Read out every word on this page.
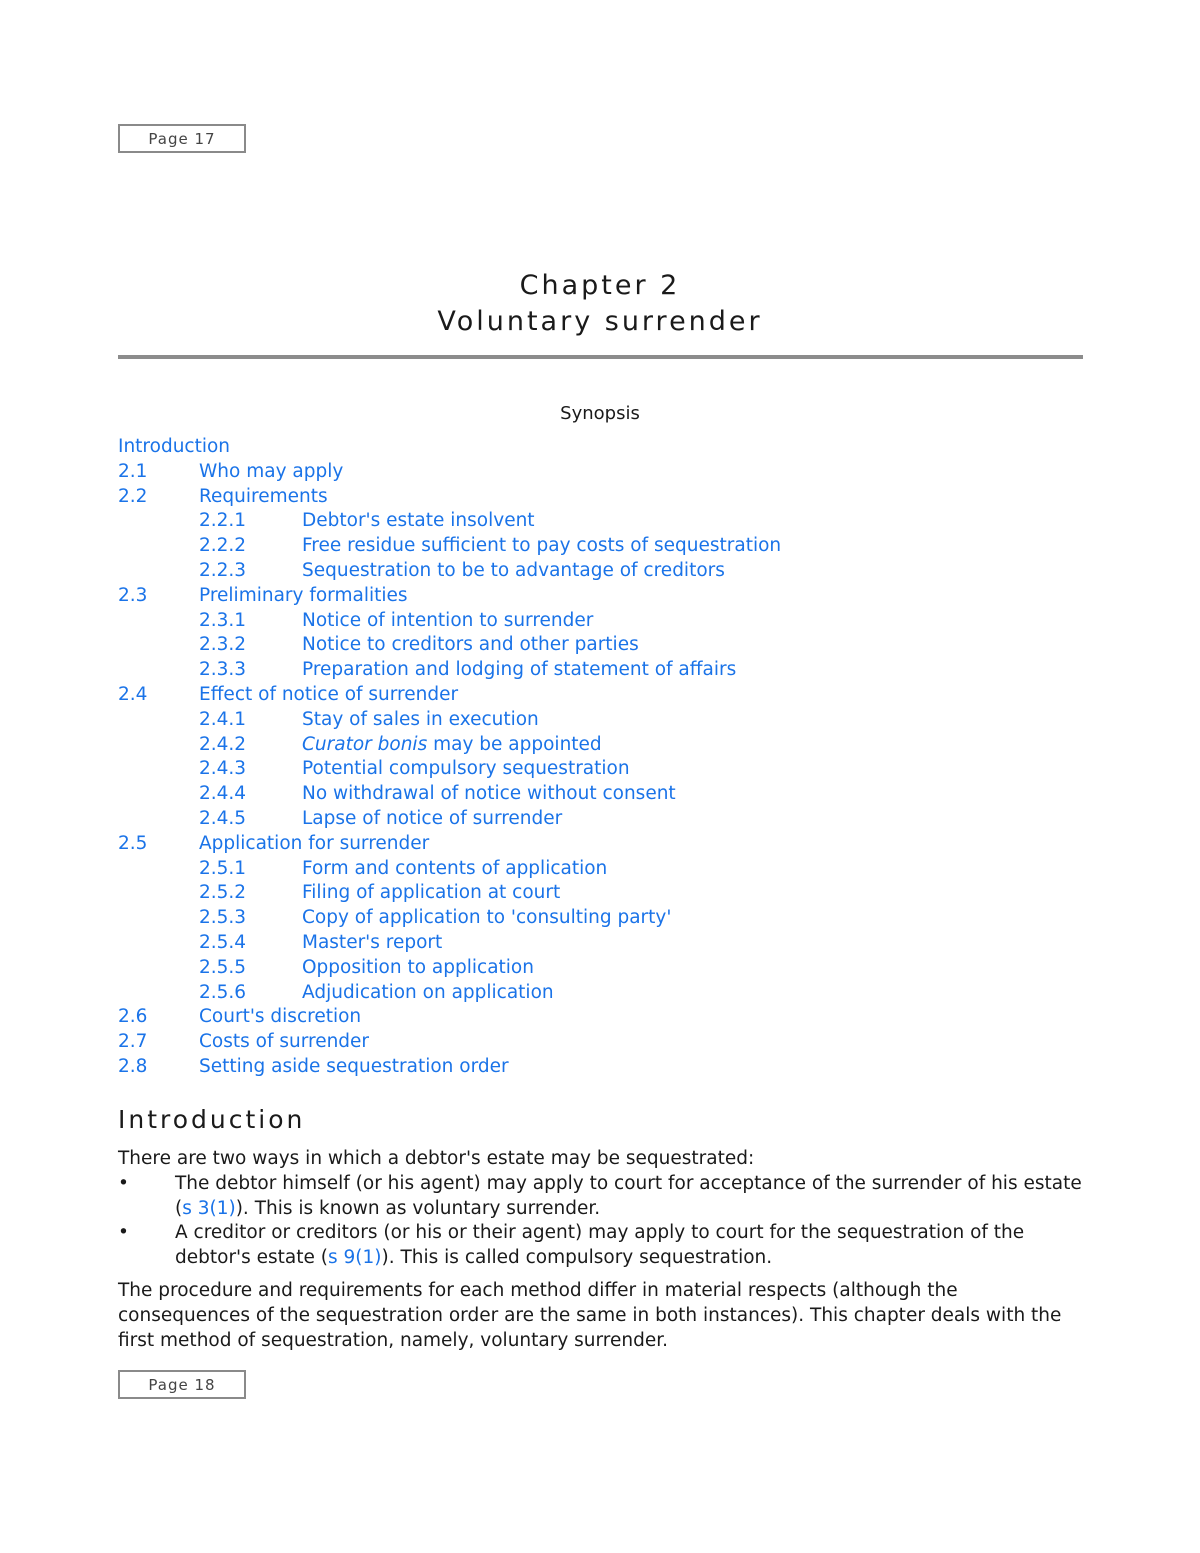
Page 17
Chapter 2
Voluntary surrender
Synopsis
Introduction
2.1	Who may apply
2.2	Requirements
2.2.1	Debtor's estate insolvent
2.2.2	Free residue sufficient to pay costs of sequestration
2.2.3	Sequestration to be to advantage of creditors
2.3	Preliminary formalities
2.3.1	Notice of intention to surrender
2.3.2	Notice to creditors and other parties
2.3.3	Preparation and lodging of statement of affairs
2.4	Effect of notice of surrender
2.4.1	Stay of sales in execution
2.4.2	Curator bonis may be appointed
2.4.3	Potential compulsory sequestration
2.4.4	No withdrawal of notice without consent
2.4.5	Lapse of notice of surrender
2.5	Application for surrender
2.5.1	Form and contents of application
2.5.2	Filing of application at court
2.5.3	Copy of application to 'consulting party'
2.5.4	Master's report
2.5.5	Opposition to application
2.5.6	Adjudication on application
2.6	Court's discretion
2.7	Costs of surrender
2.8	Setting aside sequestration order
Introduction
There are two ways in which a debtor's estate may be sequestrated:
• The debtor himself (or his agent) may apply to court for acceptance of the surrender of his estate (s 3(1)). This is known as voluntary surrender.
• A creditor or creditors (or his or their agent) may apply to court for the sequestration of the debtor's estate (s 9(1)). This is called compulsory sequestration.
The procedure and requirements for each method differ in material respects (although the consequences of the sequestration order are the same in both instances). This chapter deals with the first method of sequestration, namely, voluntary surrender.
Page 18
